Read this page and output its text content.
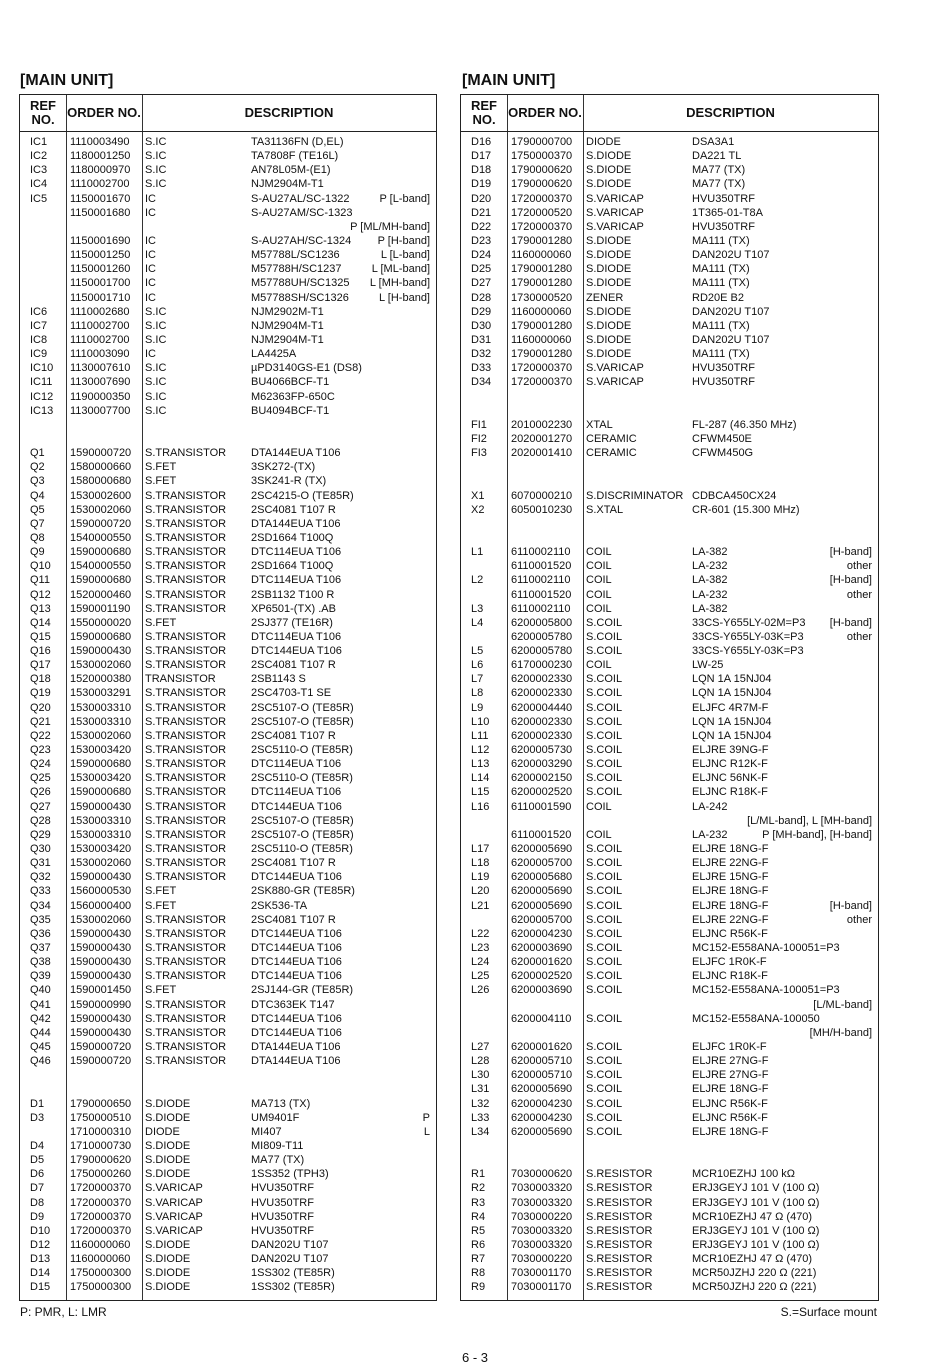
[MAIN UNIT]	[MAIN UNIT]
REF NO. ORDER NO.	DESCRIPTION
IC1 1110003490 S.IC	TA31136FN (D,EL)
IC2 1180001250 S.IC	TA7808F (TE16L)
IC3 1180000970 S.IC	AN78L05M-(E1)
IC4 1110002700 S.IC	NJM2904M-T1
IC5 1150001670 IC	S-AU27AL/SC-1322	P [L-band]
1150001680 IC	S-AU27AM/SC-1323
P [ML/MH-band]
1150001690 IC	S-AU27AH/SC-1324 P [H-band]
1150001250 IC	M57788L/SC1236	L [L-band]
1150001260 IC	M57788H/SC1237	L [ML-band]
1150001700 IC	M57788UH/SC1325 L [MH-band]
1150001710 IC	M57788SH/SC1326	L [H-band]
IC6 1110002680 S.IC	NJM2902M-T1
IC7 1110002700 S.IC	NJM2904M-T1
IC8 1110002700 S.IC	NJM2904M-T1
IC9 1110003090 IC	LA4425A
IC10 1130007610 S.IC	µPD3140GS-E1 (DS8)
IC11 1130007690 S.IC	BU4066BCF-T1
IC12 1190000350 S.IC	M62363FP-650C
IC13 1130007700 S.IC	BU4094BCF-T1
Q1 1590000720 S.TRANSISTOR DTA144EUA T106
Q2 1580000660 S.FET	3SK272-(TX)
Q3 1580000680 S.FET	3SK241-R (TX)
Q4 1530002600 S.TRANSISTOR 2SC4215-O (TE85R)
Q5 1530002060 S.TRANSISTOR 2SC4081 T107 R
Q7 1590000720 S.TRANSISTOR DTA144EUA T106
Q8 1540000550 S.TRANSISTOR 2SD1664 T100Q
Q9 1590000680 S.TRANSISTOR DTC114EUA T106
Q10 1540000550 S.TRANSISTOR 2SD1664 T100Q
Q11 1590000680 S.TRANSISTOR DTC114EUA T106
Q12 1520000460 S.TRANSISTOR 2SB1132 T100 R
Q13 1590001190 S.TRANSISTOR XP6501-(TX) .AB
Q14 1550000020 S.FET	2SJ377 (TE16R)
Q15 1590000680 S.TRANSISTOR DTC114EUA T106
Q16 1590000430 S.TRANSISTOR DTC144EUA T106
Q17 1530002060 S.TRANSISTOR 2SC4081 T107 R
Q18 1520000380 TRANSISTOR	2SB1143 S
Q19 1530003291 S.TRANSISTOR 2SC4703-T1 SE
Q20 1530003310 S.TRANSISTOR 2SC5107-O (TE85R)
Q21 1530003310 S.TRANSISTOR 2SC5107-O (TE85R)
Q22 1530002060 S.TRANSISTOR 2SC4081 T107 R
Q23 1530003420 S.TRANSISTOR 2SC5110-O (TE85R)
Q24 1590000680 S.TRANSISTOR DTC114EUA T106
Q25 1530003420 S.TRANSISTOR 2SC5110-O (TE85R)
Q26 1590000680 S.TRANSISTOR DTC114EUA T106
Q27 1590000430 S.TRANSISTOR DTC144EUA T106
Q28 1530003310 S.TRANSISTOR 2SC5107-O (TE85R)
Q29 1530003310 S.TRANSISTOR 2SC5107-O (TE85R)
Q30 1530003420 S.TRANSISTOR 2SC5110-O (TE85R)
Q31 1530002060 S.TRANSISTOR 2SC4081 T107 R
Q32 1590000430 S.TRANSISTOR DTC144EUA T106
Q33 1560000530 S.FET	2SK880-GR (TE85R)
Q34 1560000400 S.FET	2SK536-TA
Q35 1530002060 S.TRANSISTOR 2SC4081 T107 R
Q36 1590000430 S.TRANSISTOR DTC144EUA T106
Q37 1590000430 S.TRANSISTOR DTC144EUA T106
Q38 1590000430 S.TRANSISTOR DTC144EUA T106
Q39 1590000430 S.TRANSISTOR DTC144EUA T106
Q40 1590001450 S.FET	2SJ144-GR (TE85R)
Q41 1590000990 S.TRANSISTOR DTC363EK T147
Q42 1590000430 S.TRANSISTOR DTC144EUA T106
Q44 1590000430 S.TRANSISTOR DTC144EUA T106
Q45 1590000720 S.TRANSISTOR DTA144EUA T106
Q46 1590000720 S.TRANSISTOR DTA144EUA T106
D1 1790000650 S.DIODE	MA713 (TX)
D3 1750000510 S.DIODE	UM9401F	P
1710000310 DIODE	MI407	L
D4 1710000730 S.DIODE	MI809-T11
D5 1790000620 S.DIODE	MA77 (TX)
D6 1750000260 S.DIODE	1SS352 (TPH3)
D7 1720000370 S.VARICAP	HVU350TRF
D8 1720000370 S.VARICAP	HVU350TRF
D9 1720000370 S.VARICAP	HVU350TRF
D10 1720000370 S.VARICAP	HVU350TRF
D12 1160000060 S.DIODE	DAN202U T107
D13 1160000060 S.DIODE	DAN202U T107
D14 1750000300 S.DIODE	1SS302 (TE85R)
D15 1750000300 S.DIODE	1SS302 (TE85R)
REF NO. ORDER NO.	DESCRIPTION
D16 1790000700 DIODE	DSA3A1
D17 1750000370 S.DIODE	DA221 TL
D18 1790000620 S.DIODE	MA77 (TX)
D19 1790000620 S.DIODE	MA77 (TX)
D20 1720000370 S.VARICAP	HVU350TRF
D21 1720000520 S.VARICAP	1T365-01-T8A
D22 1720000370 S.VARICAP	HVU350TRF
D23 1790001280 S.DIODE	MA111 (TX)
D24 1160000060 S.DIODE	DAN202U T107
D25 1790001280 S.DIODE	MA111 (TX)
D27 1790001280 S.DIODE	MA111 (TX)
D28 1730000520 ZENER	RD20E B2
D29 1160000060 S.DIODE	DAN202U T107
D30 1790001280 S.DIODE	MA111 (TX)
D31 1160000060 S.DIODE	DAN202U T107
D32 1790001280 S.DIODE	MA111 (TX)
D33 1720000370 S.VARICAP	HVU350TRF
D34 1720000370 S.VARICAP	HVU350TRF
FI1 2010002230 XTAL	FL-287 (46.350 MHz)
FI2 2020001270 CERAMIC	CFWM450E
FI3 2020001410 CERAMIC	CFWM450G
X1 6070000210 S.DISCRIMINATOR CDBCA450CX24
X2 6050010230 S.XTAL	CR-601 (15.300 MHz)
L1	6110002110 COIL	LA-382	[H-band]
6110001520 COIL	LA-232	other
L2	6110002110 COIL	LA-382	[H-band]
6110001520 COIL	LA-232	other
L3	6110002110 COIL	LA-382
L4	6200005800 S.COIL	33CS-Y655LY-02M=P3 [H-band]
6200005780 S.COIL	33CS-Y655LY-03K=P3	other
L5	6200005780 S.COIL	33CS-Y655LY-03K=P3
L6	6170000230 COIL	LW-25
L7	6200002330 S.COIL	LQN 1A 15NJ04
L8	6200002330 S.COIL	LQN 1A 15NJ04
L9	6200004440 S.COIL	ELJFC 4R7M-F
L10 6200002330 S.COIL	LQN 1A 15NJ04
L11 6200002330 S.COIL	LQN 1A 15NJ04
L12 6200005730 S.COIL	ELJRE 39NG-F
L13 6200003290 S.COIL	ELJNC R12K-F
L14 6200002150 S.COIL	ELJNC 56NK-F
L15 6200002520 S.COIL	ELJNC R18K-F
L16 6110001590 COIL	LA-242
[L/ML-band], L [MH-band]
6110001520 COIL	LA-232	P [MH-band], [H-band]
L17 6200005690 S.COIL	ELJRE 18NG-F
L18 6200005700 S.COIL	ELJRE 22NG-F
L19 6200005680 S.COIL	ELJRE 15NG-F
L20 6200005690 S.COIL	ELJRE 18NG-F
L21 6200005690 S.COIL	ELJRE 18NG-F	[H-band]
6200005700 S.COIL	ELJRE 22NG-F	other
L22 6200004230 S.COIL	ELJNC R56K-F
L23 6200003690 S.COIL	MC152-E558ANA-100051=P3
L24 6200001620 S.COIL	ELJFC 1R0K-F
L25 6200002520 S.COIL	ELJNC R18K-F
L26 6200003690 S.COIL	MC152-E558ANA-100051=P3
[L/ML-band]
6200004110 S.COIL	MC152-E558ANA-100050
[MH/H-band]
L27 6200001620 S.COIL	ELJFC 1R0K-F
L28 6200005710 S.COIL	ELJRE 27NG-F
L30 6200005710 S.COIL	ELJRE 27NG-F
L31 6200005690 S.COIL	ELJRE 18NG-F
L32 6200004230 S.COIL	ELJNC R56K-F
L33 6200004230 S.COIL	ELJNC R56K-F
L34 6200005690 S.COIL	ELJRE 18NG-F
R1 7030000620 S.RESISTOR	MCR10EZHJ 100 kΩ
R2 7030003320 S.RESISTOR	ERJ3GEYJ 101 V (100 Ω)
R3 7030003320 S.RESISTOR	ERJ3GEYJ 101 V (100 Ω)
R4 7030000220 S.RESISTOR	MCR10EZHJ 47 Ω (470)
R5 7030003320 S.RESISTOR	ERJ3GEYJ 101 V (100 Ω)
R6 7030003320 S.RESISTOR	ERJ3GEYJ 101 V (100 Ω)
R7 7030000220 S.RESISTOR	MCR10EZHJ 47 Ω (470)
R8 7030001170 S.RESISTOR	MCR50JZHJ 220 Ω (221)
R9 7030001170 S.RESISTOR	MCR50JZHJ 220 Ω (221)
P: PMR, L: LMR	S.=Surface mount
6 - 3
